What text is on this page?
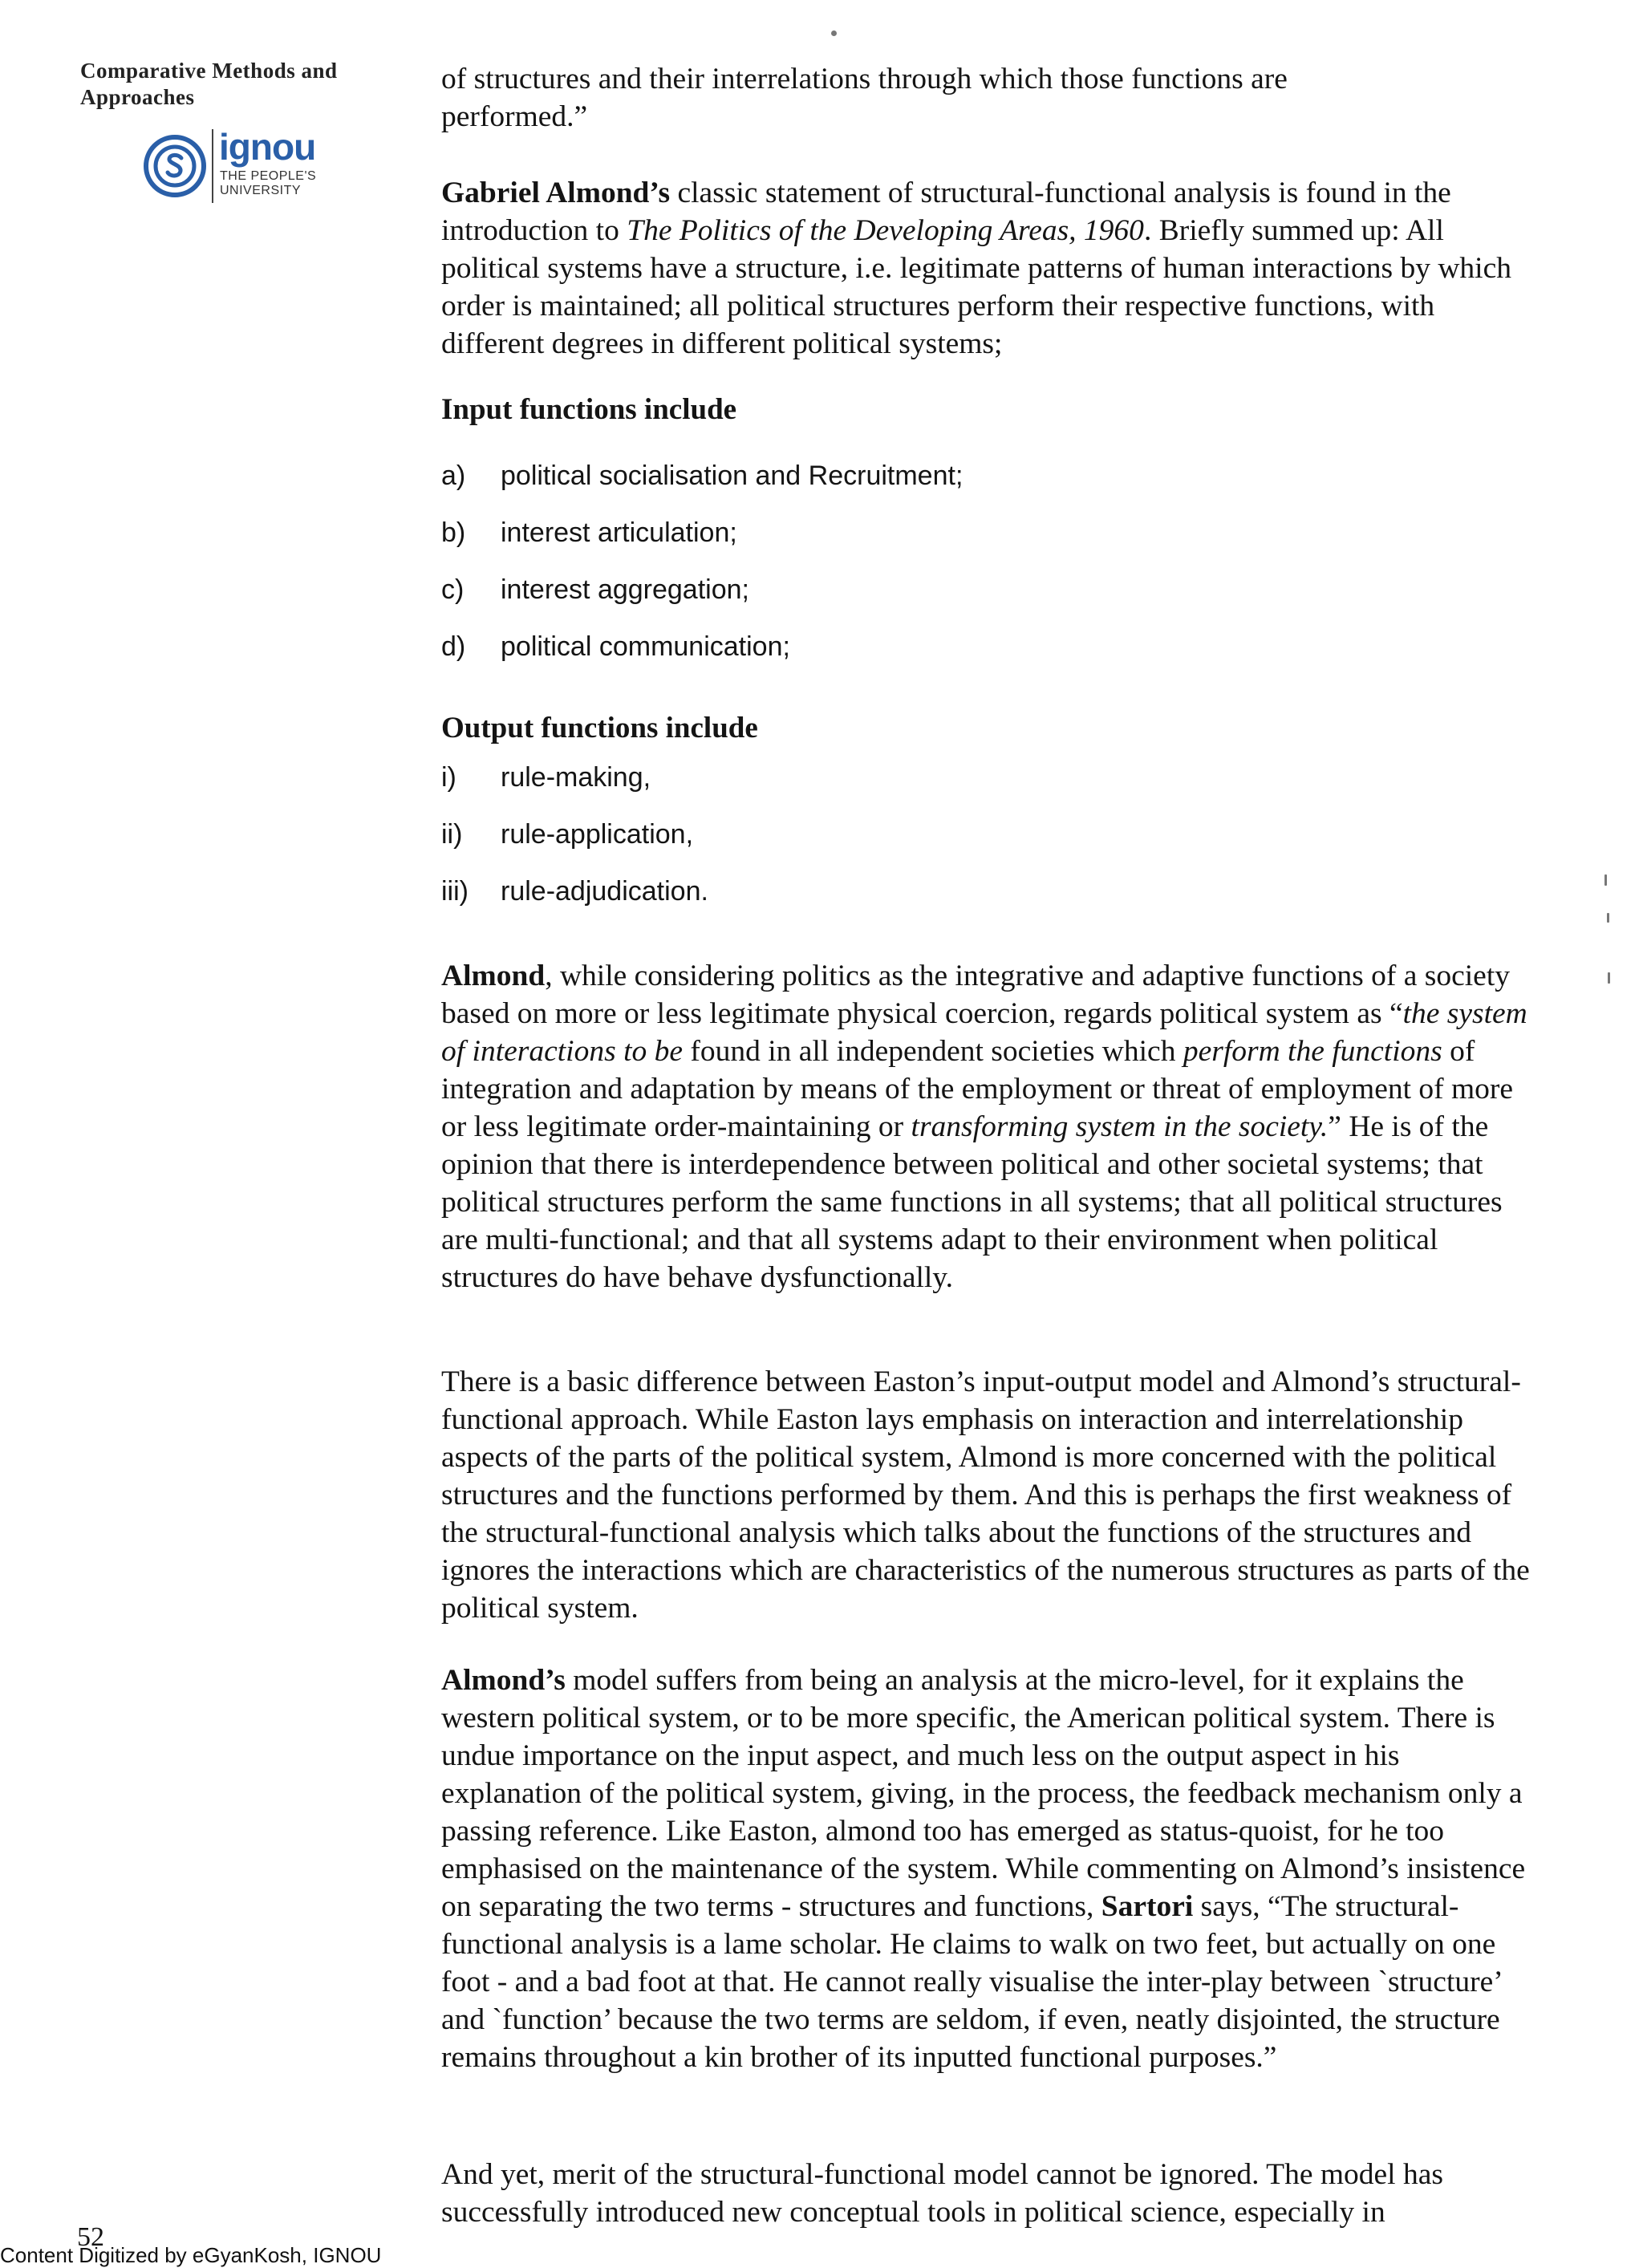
Comparative Methods and
Approaches
ignou
THE PEOPLE'S
UNIVERSITY
of structures and their interrelations through which those functions are
performed.”

Gabriel Almond’s classic statement of structural-functional analysis is found in the introduction to The Politics of the Developing Areas, 1960. Briefly summed up: All political systems have a structure, i.e. legitimate patterns of human interactions by which order is maintained; all political structures perform their respective functions, with different degrees in different political systems;

Input functions include
a) political socialisation and Recruitment;
b) interest articulation;
c) interest aggregation;
d) political communication;
Output functions include
i) rule-making,
ii) rule-application,
iii) rule-adjudication.

Almond, while considering politics as the integrative and adaptive functions of a society based on more or less legitimate physical coercion, regards political system as “the system of interactions to be found in all independent societies which perform the functions of integration and adaptation by means of the employment or threat of employment of more or less legitimate order-maintaining or transforming system in the society.” He is of the opinion that there is interdependence between political and other societal systems; that political structures perform the same functions in all systems; that all political structures are multi-functional; and that all systems adapt to their environment when political structures do have behave dysfunctionally.

There is a basic difference between Easton’s input-output model and Almond’s structural-functional approach. While Easton lays emphasis on interaction and interrelationship aspects of the parts of the political system, Almond is more concerned with the political structures and the functions performed by them. And this is perhaps the first weakness of the structural-functional analysis which talks about the functions of the structures and ignores the interactions which are characteristics of the numerous structures as parts of the political system.

Almond’s model suffers from being an analysis at the micro-level, for it explains the western political system, or to be more specific, the American political system. There is undue importance on the input aspect, and much less on the output aspect in his explanation of the political system, giving, in the process, the feedback mechanism only a passing reference. Like Easton, almond too has emerged as status-quoist, for he too emphasised on the maintenance of the system. While commenting on Almond’s insistence on separating the two terms - structures and functions, Sartori says, “The structural-functional analysis is a lame scholar. He claims to walk on two feet, but actually on one foot - and a bad foot at that. He cannot really visualise the inter-play between `structure’ and `function’ because the two terms are seldom, if even, neatly disjointed, the structure remains throughout a kin brother of its inputted functional purposes.”

And yet, merit of the structural-functional model cannot be ignored. The model has successfully introduced new conceptual tools in political science, especially in

52
Content Digitized by eGyanKosh, IGNOU
